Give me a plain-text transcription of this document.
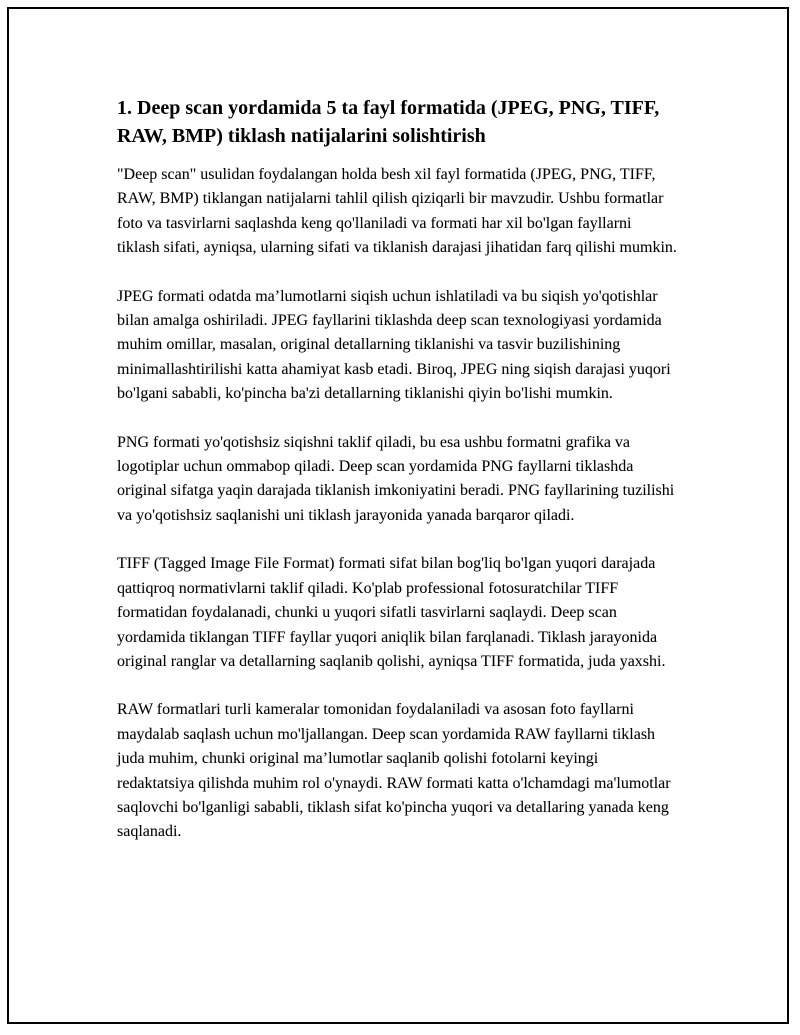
1. Deep scan yordamida 5 ta fayl formatida (JPEG, PNG, TIFF, RAW, BMP) tiklash natijalarini solishtirish

"Deep scan" usulidan foydalangan holda besh xil fayl formatida (JPEG, PNG, TIFF, RAW, BMP) tiklangan natijalarni tahlil qilish qiziqarli bir mavzudir. Ushbu formatlar foto va tasvirlarni saqlashda keng qo'llaniladi va formati har xil bo'lgan fayllarni tiklash sifati, ayniqsa, ularning sifati va tiklanish darajasi jihatidan farq qilishi mumkin.

JPEG formati odatda ma’lumotlarni siqish uchun ishlatiladi va bu siqish yo'qotishlar bilan amalga oshiriladi. JPEG fayllarini tiklashda deep scan texnologiyasi yordamida muhim omillar, masalan, original detallarning tiklanishi va tasvir buzilishining minimallashtirilishi katta ahamiyat kasb etadi. Biroq, JPEG ning siqish darajasi yuqori bo'lgani sababli, ko'pincha ba'zi detallarning tiklanishi qiyin bo'lishi mumkin.

PNG formati yo'qotishsiz siqishni taklif qiladi, bu esa ushbu formatni grafika va logotiplar uchun ommabop qiladi. Deep scan yordamida PNG fayllarni tiklashda original sifatga yaqin darajada tiklanish imkoniyatini beradi. PNG fayllarining tuzilishi va yo'qotishsiz saqlanishi uni tiklash jarayonida yanada barqaror qiladi.

TIFF (Tagged Image File Format) formati sifat bilan bog'liq bo'lgan yuqori darajada qattiqroq normativlarni taklif qiladi. Ko'plab professional fotosuratchilar TIFF formatidan foydalanadi, chunki u yuqori sifatli tasvirlarni saqlaydi. Deep scan yordamida tiklangan TIFF fayllar yuqori aniqlik bilan farqlanadi. Tiklash jarayonida original ranglar va detallarning saqlanib qolishi, ayniqsa TIFF formatida, juda yaxshi.

RAW formatlari turli kameralar tomonidan foydalaniladi va asosan foto fayllarni maydalab saqlash uchun mo'ljallangan. Deep scan yordamida RAW fayllarni tiklash juda muhim, chunki original ma’lumotlar saqlanib qolishi fotolarni keyingi redaktatsiya qilishda muhim rol o'ynaydi. RAW formati katta o'lchamdagi ma'lumotlar saqlovchi bo'lganligi sababli, tiklash sifat ko'pincha yuqori va detallaring yanada keng saqlanadi.
